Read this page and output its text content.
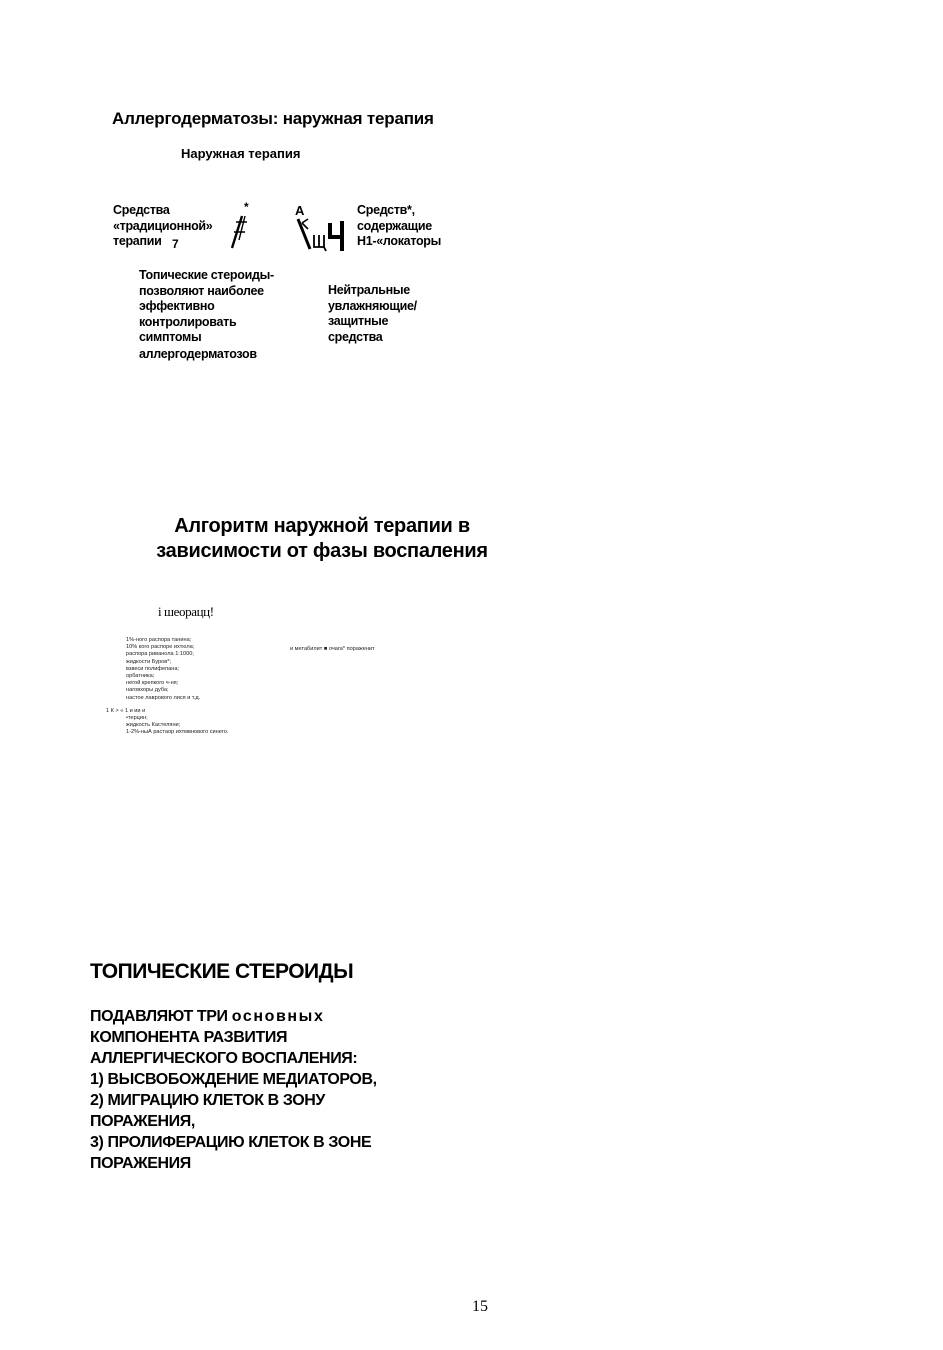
Аллергодерматозы: наружная терапия
Наружная терапия
Средства
«традиционной»
терапии 7
*	А	Средств*,
содержащие
Н1-«локаторы
Топические стероиды-
позволяют наиболее
эффективно
контролировать
симптомы
аллергодерматозов
Нейтральные
увлажняющие/
защитные
средства
Алгоритм наружной терапии в зависимости от фазы воспаления
i шеорацц!
1%-ного распора танина;
10% кого распоре ихтюла;
распора риванола 1:1000;
жидкости Буров*;
взвеси полифепана;
орбатника;
негой крепкого ч-ня;
наговхоры дуба;
настое лаврового лися и т.д.
1 К > « 1 и ии и
•терцин;
жидкость Кастеляни;
1-2%-ныА растаор ихтмвнового синего.
и метабилит ■ очага* пораженит
ТОПИЧЕСКИЕ СТЕРОИДЫ
ПОДАВЛЯЮТ ТРИ основных
КОМПОНЕНТА РАЗВИТИЯ
АЛЛЕРГИЧЕСКОГО ВОСПАЛЕНИЯ:
1) ВЫСВОБОЖДЕНИЕ МЕДИАТОРОВ,
2) МИГРАЦИЮ КЛЕТОК В ЗОНУ
ПОРАЖЕНИЯ,
3) ПРОЛИФЕРАЦИЮ КЛЕТОК В ЗОНЕ
ПОРАЖЕНИЯ
15
